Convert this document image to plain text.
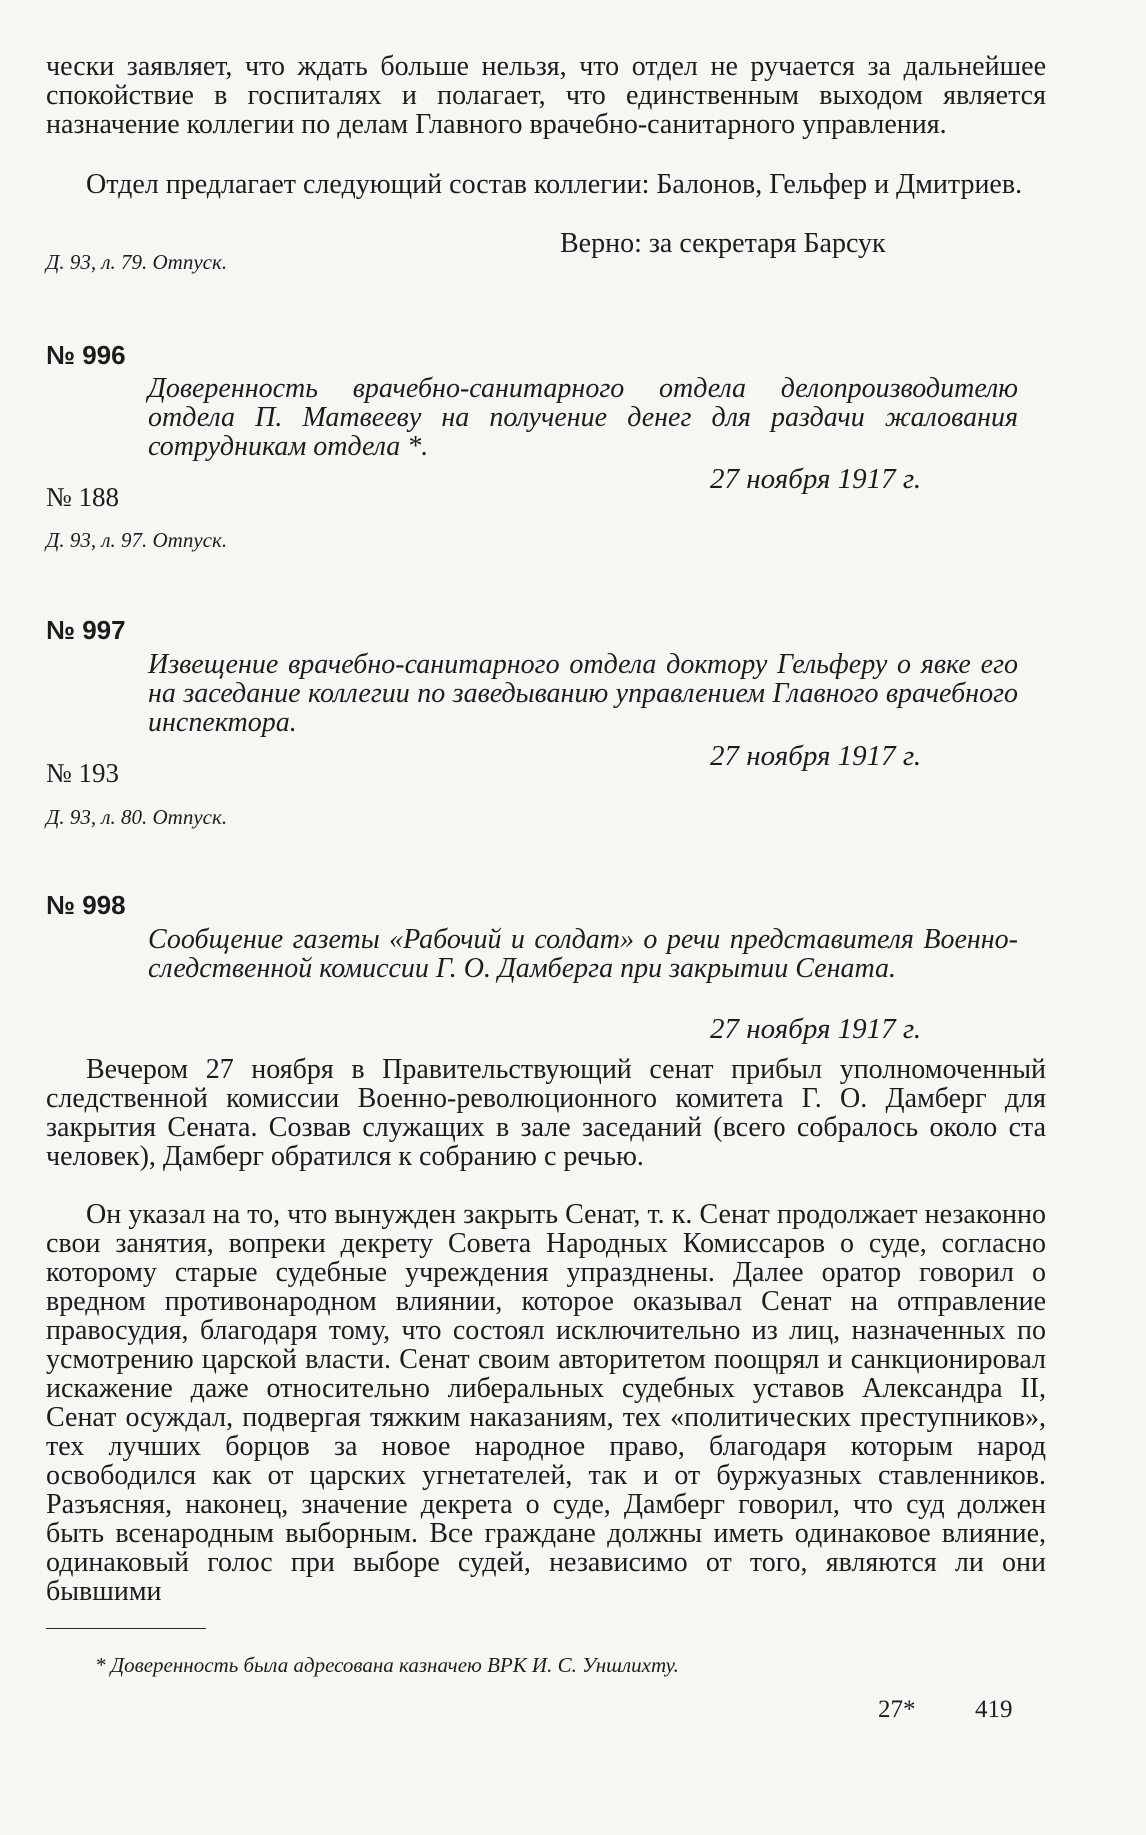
чески заявляет, что ждать больше нельзя, что отдел не ручается за дальнейшее спокойствие в госпиталях и полагает, что единственным выходом является назначение коллегии по делам Главного врачебно-санитарного управления.

Отдел предлагает следующий состав коллегии: Балонов, Гельфер и Дмитриев.

Верно: за секретаря Барсук

Д. 93, л. 79. Отпуск.

№ 996

Доверенность врачебно-санитарного отдела делопроизводителю отдела П. Матвееву на получение денег для раздачи жалования сотрудникам отдела *.

27 ноября 1917 г.

№ 188

Д. 93, л. 97. Отпуск.

№ 997

Извещение врачебно-санитарного отдела доктору Гельферу о явке его на заседание коллегии по заведыванию управлением Главного врачебного инспектора.

27 ноября 1917 г.

№ 193

Д. 93, л. 80. Отпуск.

№ 998

Сообщение газеты «Рабочий и солдат» о речи представителя Военно-следственной комиссии Г. О. Дамберга при закрытии Сената.

27 ноября 1917 г.

Вечером 27 ноября в Правительствующий сенат прибыл уполномоченный следственной комиссии Военно-революционного комитета Г. О. Дамберг для закрытия Сената. Созвав служащих в зале заседаний (всего собралось около ста человек), Дамберг обратился к собранию с речью.

Он указал на то, что вынужден закрыть Сенат, т. к. Сенат продолжает незаконно свои занятия, вопреки декрету Совета Народных Комиссаров о суде, согласно которому старые судебные учреждения упразднены. Далее оратор говорил о вредном противонародном влиянии, которое оказывал Сенат на отправление правосудия, благодаря тому, что состоял исключительно из лиц, назначенных по усмотрению царской власти. Сенат своим авторитетом поощрял и санкционировал искажение даже относительно либеральных судебных уставов Александра II, Сенат осуждал, подвергая тяжким наказаниям, тех «политических преступников», тех лучших борцов за новое народное право, благодаря которым народ освободился как от царских угнетателей, так и от буржуазных ставленников. Разъясняя, наконец, значение декрета о суде, Дамберг говорил, что суд должен быть всенародным выборным. Все граждане должны иметь одинаковое влияние, одинаковый голос при выборе судей, независимо от того, являются ли они бывшими

* Доверенность была адресована казначею ВРК И. С. Уншлихту.

27* 419
